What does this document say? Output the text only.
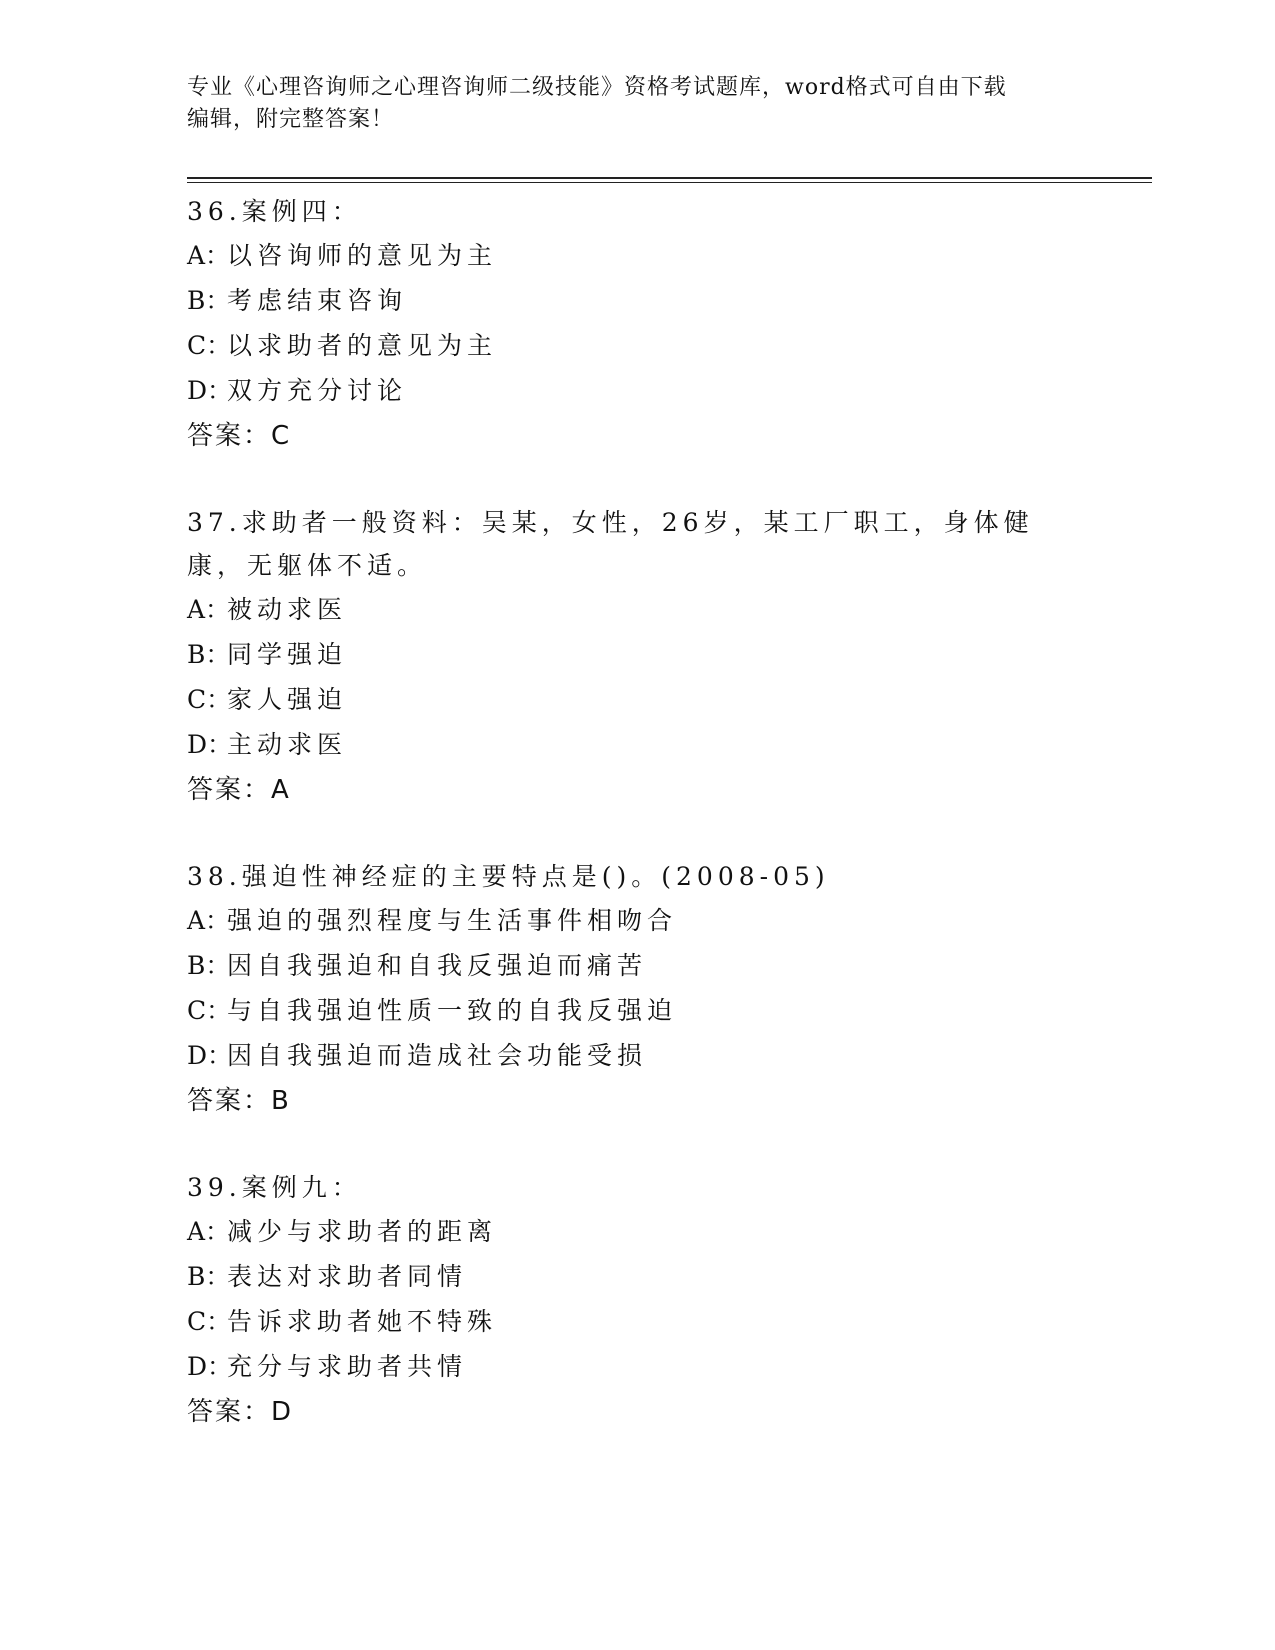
专业《心理咨询师之心理咨询师二级技能》资格考试题库，word格式可自由下载
编辑，附完整答案！

36.案例四：

A：以咨询师的意见为主

B：考虑结束咨询

C：以求助者的意见为主

D：双方充分讨论

答案：C

37.求助者一般资料：吴某，女性，26岁，某工厂职工，身体健康，无躯体不适。

A：被动求医

B：同学强迫

C：家人强迫

D：主动求医

答案：A

38.强迫性神经症的主要特点是()。(2008-05)

A：强迫的强烈程度与生活事件相吻合

B：因自我强迫和自我反强迫而痛苦

C：与自我强迫性质一致的自我反强迫

D：因自我强迫而造成社会功能受损

答案：B

39.案例九：

A：减少与求助者的距离

B：表达对求助者同情

C：告诉求助者她不特殊

D：充分与求助者共情

答案：D
